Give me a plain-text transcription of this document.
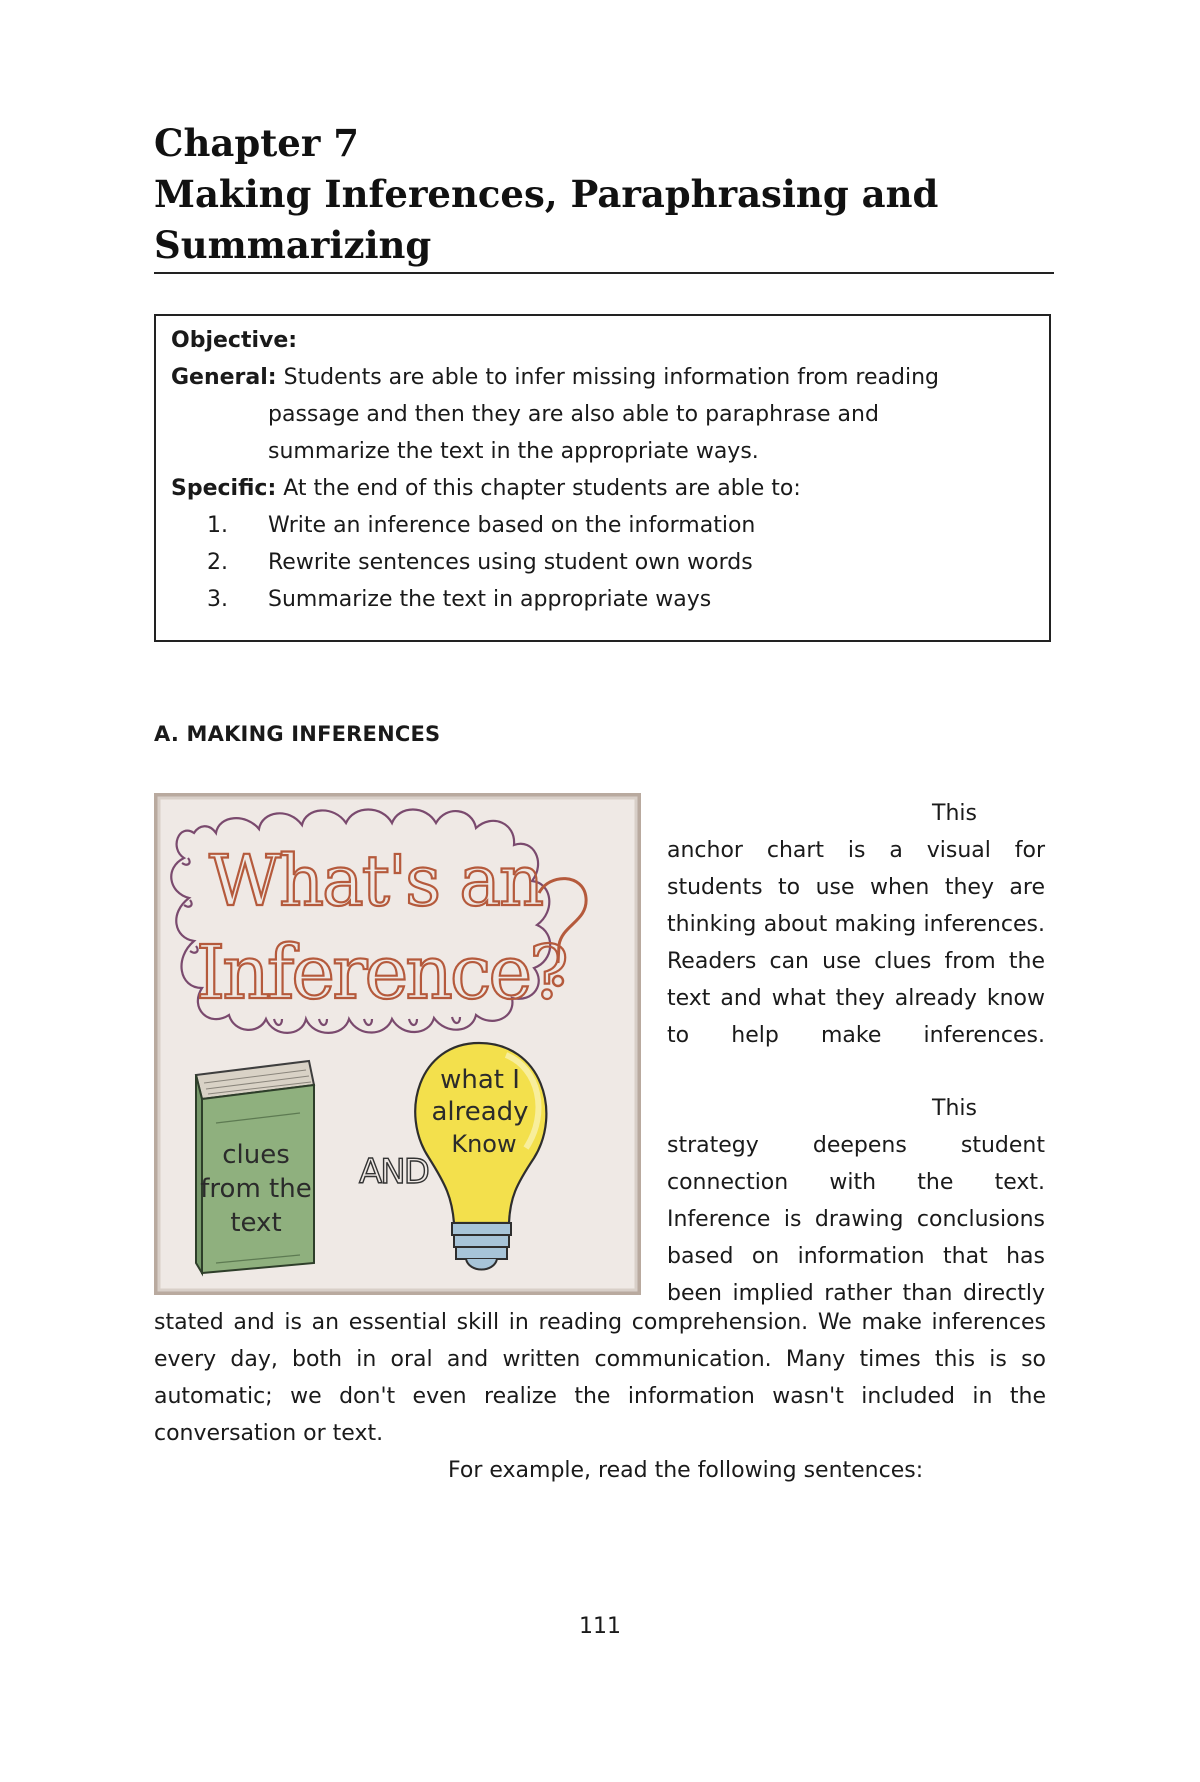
Chapter 7
Making Inferences, Paraphrasing and
Summarizing
Objective:
General: Students are able to infer missing information from reading
passage and then they are also able to paraphrase and
summarize the text in the appropriate ways.
Specific: At the end of this chapter students are able to:
1. Write an inference based on the information
2. Rewrite sentences using student own words
3. Summarize the text in appropriate ways
A. MAKING INFERENCES
What's an
Inference?
clues
from the
text
AND
what I
already
Know

This anchor chart is a visual for students to use when they are thinking about making inferences. Readers can use clues from the text and what they already know to help make inferences.

This strategy deepens student connection with the text. Inference is drawing conclusions based on information that has been implied rather than directly

stated and is an essential skill in reading comprehension. We make inferences every day, both in oral and written communication. Many times this is so automatic; we don't even realize the information wasn't included in the conversation or text.

For example, read the following sentences:

111
